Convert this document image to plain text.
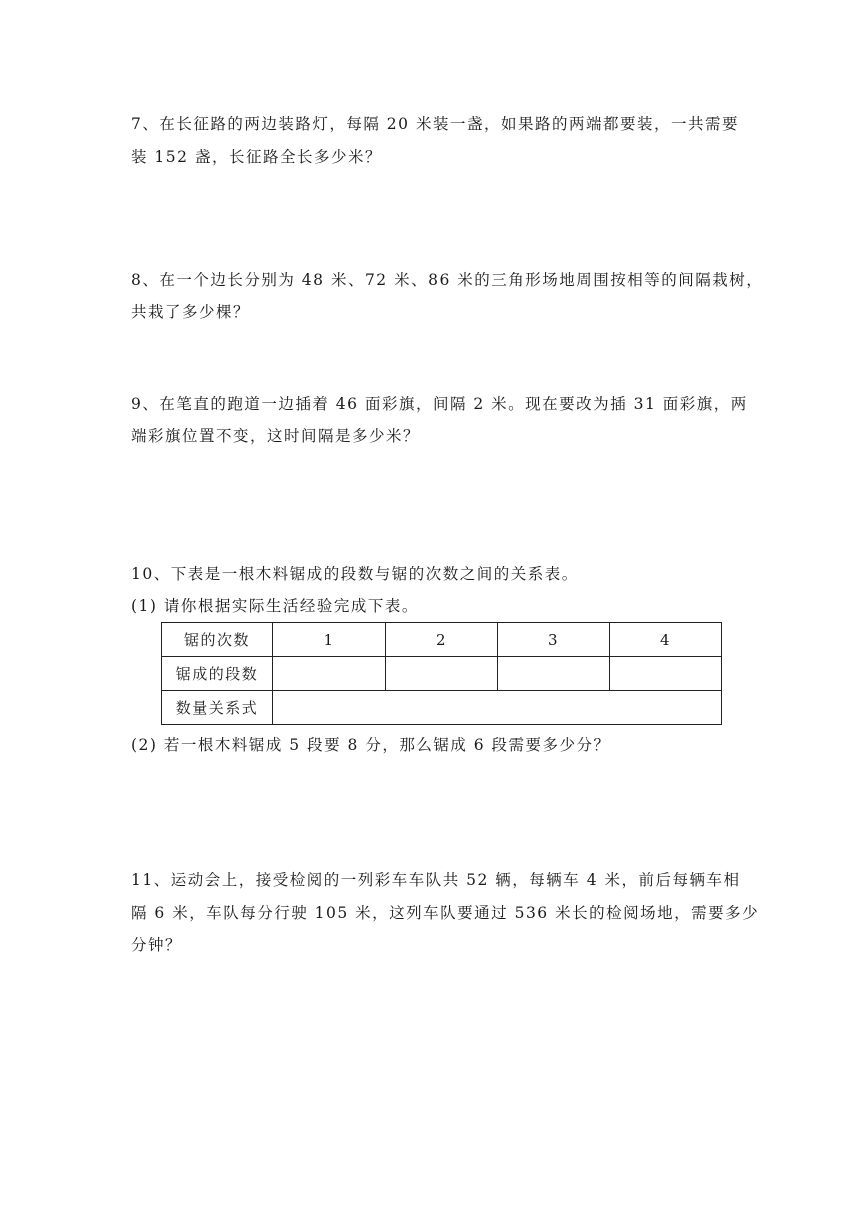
7、在长征路的两边装路灯，每隔 20 米装一盏，如果路的两端都要装，一共需要
装 152 盏，长征路全长多少米？
8、在一个边长分别为 48 米、72 米、86 米的三角形场地周围按相等的间隔栽树，
共栽了多少棵？
9、在笔直的跑道一边插着 46 面彩旗，间隔 2 米。现在要改为插 31 面彩旗，两
端彩旗位置不变，这时间隔是多少米？
10、下表是一根木料锯成的段数与锯的次数之间的关系表。
(1) 请你根据实际生活经验完成下表。
锯的次数	1	2	3	4
锯成的段数				
数量关系式				
(2) 若一根木料锯成 5 段要 8 分，那么锯成 6 段需要多少分？
11、运动会上，接受检阅的一列彩车车队共 52 辆，每辆车 4 米，前后每辆车相
隔 6 米，车队每分行驶 105 米，这列车队要通过 536 米长的检阅场地，需要多少
分钟？
